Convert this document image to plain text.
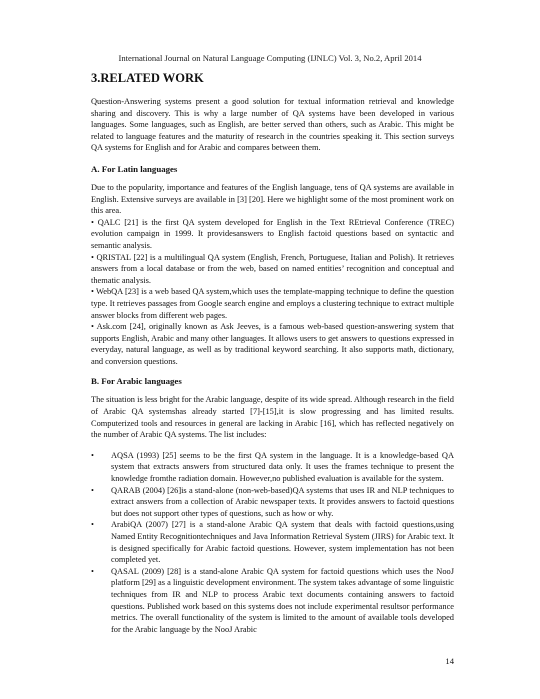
International Journal on Natural Language Computing (IJNLC) Vol. 3, No.2, April 2014
3.RELATED WORK

Question-Answering systems present a good solution for textual information retrieval and knowledge sharing and discovery. This is why a large number of QA systems have been developed in various languages. Some languages, such as English, are better served than others, such as Arabic. This might be related to language features and the maturity of research in the countries speaking it. This section surveys QA systems for English and for Arabic and compares between them.

A. For Latin languages

Due to the popularity, importance and features of the English language, tens of QA systems are available in English. Extensive surveys are available in [3] [20]. Here we highlight some of the most prominent work on this area.

• QALC [21] is the first QA system developed for English in the Text REtrieval Conference (TREC) evolution campaign in 1999. It providesanswers to English factoid questions based on syntactic and semantic analysis.

• QRISTAL [22] is a multilingual QA system (English, French, Portuguese, Italian and Polish). It retrieves answers from a local database or from the web, based on named entities’ recognition and conceptual and thematic analysis.

• WebQA [23] is a web based QA system,which uses the template-mapping technique to define the question type. It retrieves passages from Google search engine and employs a clustering technique to extract multiple answer blocks from different web pages.

• Ask.com [24], originally known as Ask Jeeves, is a famous web-based question-answering system that supports English, Arabic and many other languages. It allows users to get answers to questions expressed in everyday, natural language, as well as by traditional keyword searching. It also supports math, dictionary, and conversion questions.

B. For Arabic languages

The situation is less bright for the Arabic language, despite of its wide spread. Although research in the field of Arabic QA systemshas already started [7]-[15],it is slow progressing and has limited results. Computerized tools and resources in general are lacking in Arabic [16], which has reflected negatively on the number of Arabic QA systems. The list includes:

• AQSA (1993) [25] seems to be the first QA system in the language. It is a knowledge-based QA system that extracts answers from structured data only. It uses the frames technique to present the knowledge fromthe radiation domain. However,no published evaluation is available for the system.
• QARAB (2004) [26]is a stand-alone (non-web-based)QA systems that uses IR and NLP techniques to extract answers from a collection of Arabic newspaper texts. It provides answers to factoid questions but does not support other types of questions, such as how or why.
• ArabiQA (2007) [27] is a stand-alone Arabic QA system that deals with factoid questions,using Named Entity Recognitiontechniques and Java Information Retrieval System (JIRS) for Arabic text. It is designed specifically for Arabic factoid questions. However, system implementation has not been completed yet.
• QASAL (2009) [28] is a stand-alone Arabic QA system for factoid questions which uses the NooJ platform [29] as a linguistic development environment. The system takes advantage of some linguistic techniques from IR and NLP to process Arabic text documents containing answers to factoid questions. Published work based on this systems does not include experimental resultsor performance metrics. The overall functionality of the system is limited to the amount of available tools developed for the Arabic language by the NooJ Arabic
14
